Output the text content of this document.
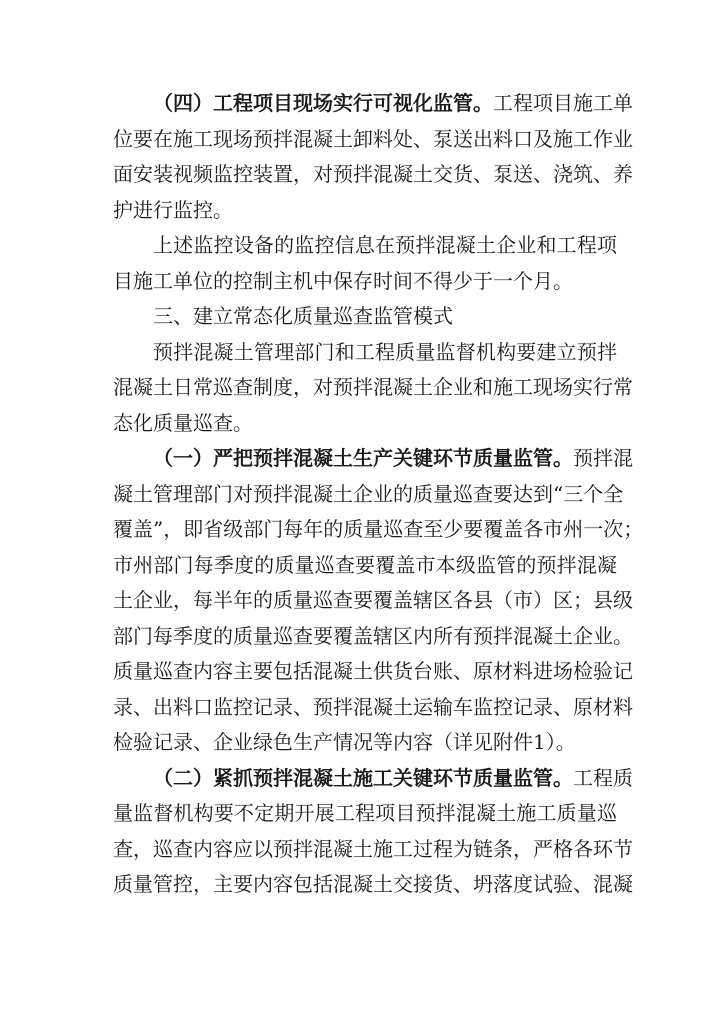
（四）工程项目现场实行可视化监管。工程项目施工单
位要在施工现场预拌混凝土卸料处、泵送出料口及施工作业
面安装视频监控装置，对预拌混凝土交货、泵送、浇筑、养
护进行监控。
上述监控设备的监控信息在预拌混凝土企业和工程项
目施工单位的控制主机中保存时间不得少于一个月。
三、建立常态化质量巡查监管模式
预拌混凝土管理部门和工程质量监督机构要建立预拌
混凝土日常巡查制度，对预拌混凝土企业和施工现场实行常
态化质量巡查。
（一）严把预拌混凝土生产关键环节质量监管。预拌混
凝土管理部门对预拌混凝土企业的质量巡查要达到“三个全
覆盖”，即省级部门每年的质量巡查至少要覆盖各市州一次；
市州部门每季度的质量巡查要覆盖市本级监管的预拌混凝
土企业，每半年的质量巡查要覆盖辖区各县（市）区；县级
部门每季度的质量巡查要覆盖辖区内所有预拌混凝土企业。
质量巡查内容主要包括混凝土供货台账、原材料进场检验记
录、出料口监控记录、预拌混凝土运输车监控记录、原材料
检验记录、企业绿色生产情况等内容（详见附件1）。
（二）紧抓预拌混凝土施工关键环节质量监管。工程质
量监督机构要不定期开展工程项目预拌混凝土施工质量巡
查，巡查内容应以预拌混凝土施工过程为链条，严格各环节
质量管控，主要内容包括混凝土交接货、坍落度试验、混凝
